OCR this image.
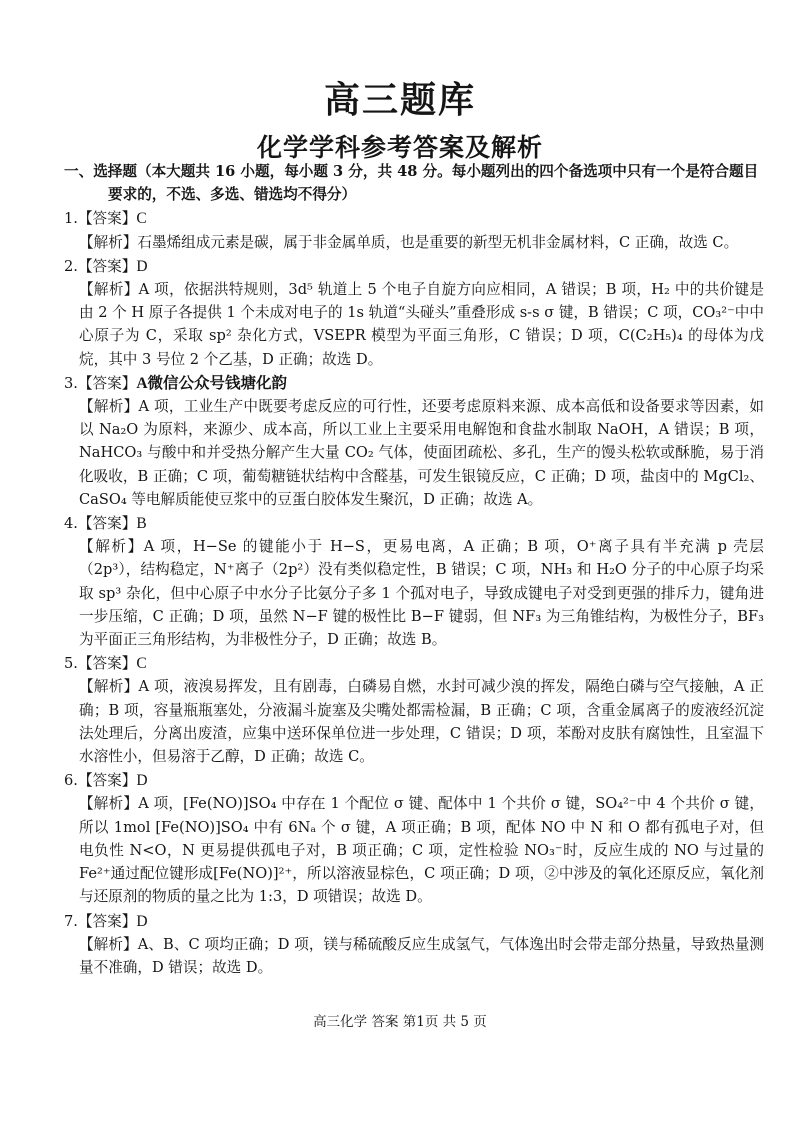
高三题库
化学学科参考答案及解析
一、选择题（本大题共 16 小题，每小题 3 分，共 48 分。每小题列出的四个备选项中只有一个是符合题目要求的，不选、多选、错选均不得分）
1.【答案】C
【解析】石墨烯组成元素是碳，属于非金属单质，也是重要的新型无机非金属材料，C 正确，故选 C。
2.【答案】D
【解析】A 项，依据洪特规则，3d⁵ 轨道上 5 个电子自旋方向应相同，A 错误；B 项，H₂ 中的共价键是由 2 个 H 原子各提供 1 个未成对电子的 1s 轨道“头碰头”重叠形成 s-s σ 键，B 错误；C 项，CO₃²⁻中中心原子为 C，采取 sp² 杂化方式，VSEPR 模型为平面三角形，C 错误；D 项，C(C₂H₅)₄ 的母体为戊烷，其中 3 号位 2 个乙基，D 正确；故选 D。
3.【答案】A微信公众号钱塘化韵
【解析】A 项，工业生产中既要考虑反应的可行性，还要考虑原料来源、成本高低和设备要求等因素，如以 Na₂O 为原料，来源少、成本高，所以工业上主要采用电解饱和食盐水制取 NaOH，A 错误；B 项，NaHCO₃ 与酸中和并受热分解产生大量 CO₂ 气体，使面团疏松、多孔，生产的馒头松软或酥脆，易于消化吸收，B 正确；C 项，葡萄糖链状结构中含醛基，可发生银镜反应，C 正确；D 项，盐卤中的 MgCl₂、CaSO₄ 等电解质能使豆浆中的豆蛋白胶体发生聚沉，D 正确；故选 A。
4.【答案】B
【解析】A 项，H−Se 的键能小于 H−S，更易电离，A 正确；B 项，O⁺离子具有半充满 p 壳层（2p³），结构稳定，N⁺离子（2p²）没有类似稳定性，B 错误；C 项，NH₃ 和 H₂O 分子的中心原子均采取 sp³ 杂化，但中心原子中水分子比氨分子多 1 个孤对电子，导致成键电子对受到更强的排斥力，键角进一步压缩，C 正确；D 项，虽然 N−F 键的极性比 B−F 键弱，但 NF₃ 为三角锥结构，为极性分子，BF₃ 为平面正三角形结构，为非极性分子，D 正确；故选 B。
5.【答案】C
【解析】A 项，液溴易挥发，且有剧毒，白磷易自燃，水封可减少溴的挥发，隔绝白磷与空气接触，A 正确；B 项，容量瓶瓶塞处，分液漏斗旋塞及尖嘴处都需检漏，B 正确；C 项，含重金属离子的废液经沉淀法处理后，分离出废渣，应集中送环保单位进一步处理，C 错误；D 项，苯酚对皮肤有腐蚀性，且室温下水溶性小，但易溶于乙醇，D 正确；故选 C。
6.【答案】D
【解析】A 项，[Fe(NO)]SO₄ 中存在 1 个配位 σ 键、配体中 1 个共价 σ 键，SO₄²⁻中 4 个共价 σ 键，所以 1mol [Fe(NO)]SO₄ 中有 6Nₐ 个 σ 键，A 项正确；B 项，配体 NO 中 N 和 O 都有孤电子对，但电负性 N<O，N 更易提供孤电子对，B 项正确；C 项，定性检验 NO₃⁻时，反应生成的 NO 与过量的 Fe²⁺通过配位键形成[Fe(NO)]²⁺，所以溶液显棕色，C 项正确；D 项，②中涉及的氧化还原反应，氧化剂与还原剂的物质的量之比为 1:3，D 项错误；故选 D。
7.【答案】D
【解析】A、B、C 项均正确；D 项，镁与稀硫酸反应生成氢气，气体逸出时会带走部分热量，导致热量测量不准确，D 错误；故选 D。
高三化学 答案 第1页 共 5 页
